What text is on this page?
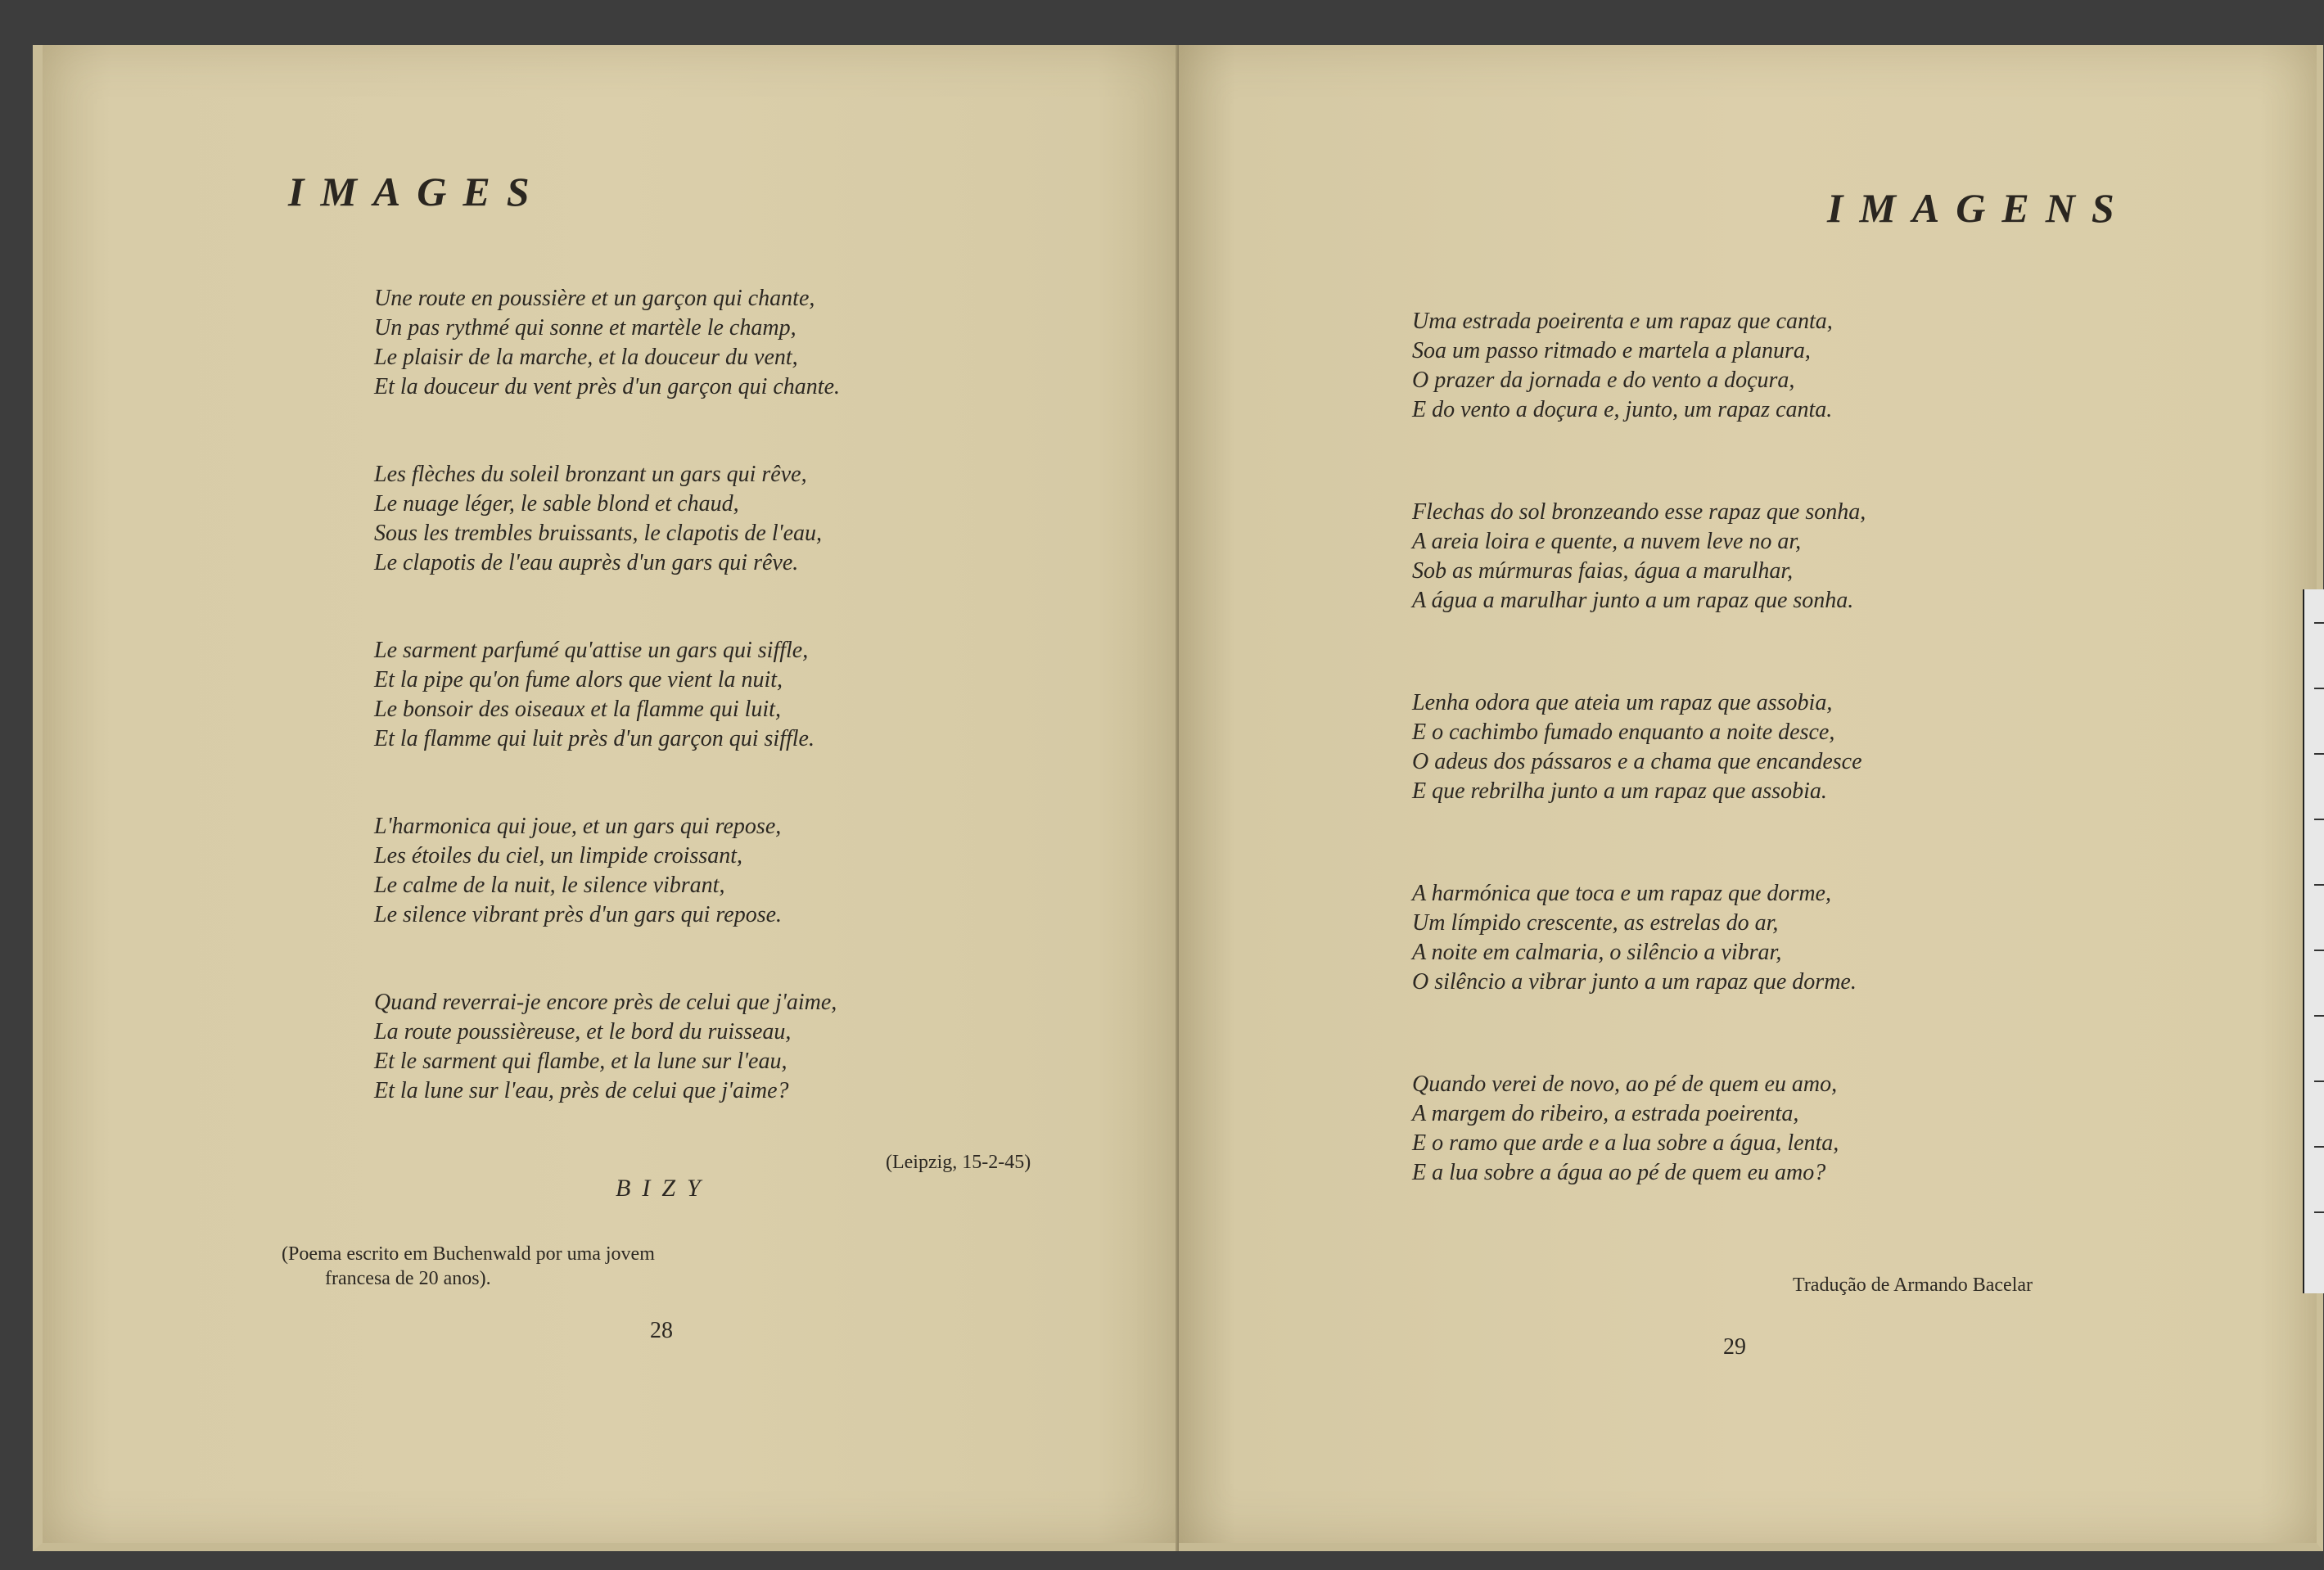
IMAGES
Une route en poussière et un garçon qui chante,
Un pas rythmé qui sonne et martèle le champ,
Le plaisir de la marche, et la douceur du vent,
Et la douceur du vent près d'un garçon qui chante.
Les flèches du soleil bronzant un gars qui rêve,
Le nuage léger, le sable blond et chaud,
Sous les trembles bruissants, le clapotis de l'eau,
Le clapotis de l'eau auprès d'un gars qui rêve.
Le sarment parfumé qu'attise un gars qui siffle,
Et la pipe qu'on fume alors que vient la nuit,
Le bonsoir des oiseaux et la flamme qui luit,
Et la flamme qui luit près d'un garçon qui siffle.
L'harmonica qui joue, et un gars qui repose,
Les étoiles du ciel, un limpide croissant,
Le calme de la nuit, le silence vibrant,
Le silence vibrant près d'un gars qui repose.
Quand reverrai-je encore près de celui que j'aime,
La route poussièreuse, et le bord du ruisseau,
Et le sarment qui flambe, et la lune sur l'eau,
Et la lune sur l'eau, près de celui que j'aime?
(Leipzig, 15-2-45)
BIZY
(Poema escrito em Buchenwald por uma jovem
francesa de 20 anos).
28
IMAGENS
Uma estrada poeirenta e um rapaz que canta,
Soa um passo ritmado e martela a planura,
O prazer da jornada e do vento a doçura,
E do vento a doçura e, junto, um rapaz canta.
Flechas do sol bronzeando esse rapaz que sonha,
A areia loira e quente, a nuvem leve no ar,
Sob as múrmuras faias, água a marulhar,
A água a marulhar junto a um rapaz que sonha.
Lenha odora que ateia um rapaz que assobia,
E o cachimbo fumado enquanto a noite desce,
O adeus dos pássaros e a chama que encandesce
E que rebrilha junto a um rapaz que assobia.
A harmónica que toca e um rapaz que dorme,
Um límpido crescente, as estrelas do ar,
A noite em calmaria, o silêncio a vibrar,
O silêncio a vibrar junto a um rapaz que dorme.
Quando verei de novo, ao pé de quem eu amo,
A margem do ribeiro, a estrada poeirenta,
E o ramo que arde e a lua sobre a água, lenta,
E a lua sobre a água ao pé de quem eu amo?
Tradução de Armando Bacelar
29
